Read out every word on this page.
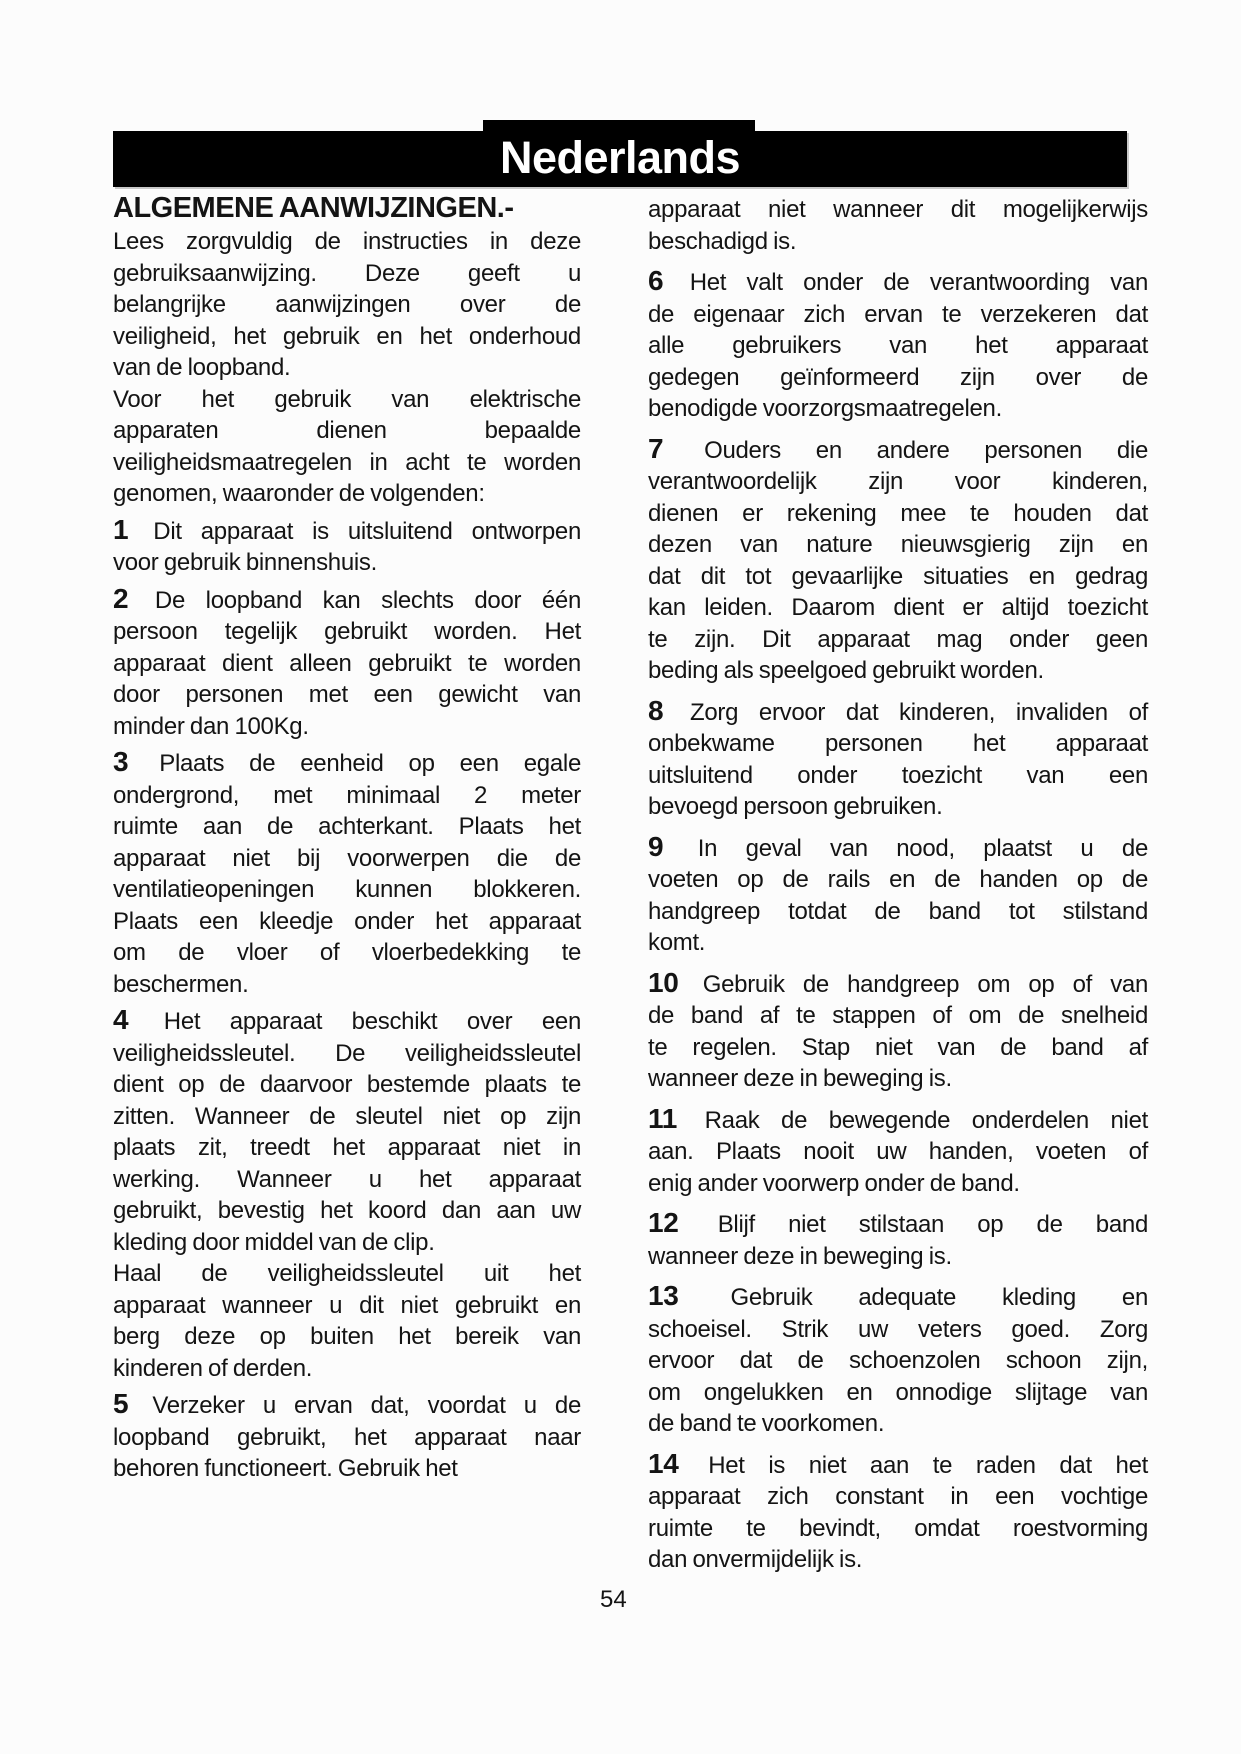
Nederlands
ALGEMENE AANWIJZINGEN.-
Lees zorgvuldig de instructies in deze
gebruiksaanwijzing. Deze geeft u
belangrijke aanwijzingen over de
veiligheid, het gebruik en het onderhoud
van de loopband.
Voor het gebruik van elektrische
apparaten dienen bepaalde
veiligheidsmaatregelen in acht te worden
genomen, waaronder de volgenden:
1 Dit apparaat is uitsluitend ontworpen
voor gebruik binnenshuis.
2 De loopband kan slechts door één
persoon tegelijk gebruikt worden. Het
apparaat dient alleen gebruikt te worden
door personen met een gewicht van
minder dan 100Kg.
3 Plaats de eenheid op een egale
ondergrond, met minimaal 2 meter
ruimte aan de achterkant. Plaats het
apparaat niet bij voorwerpen die de
ventilatieopeningen kunnen blokkeren.
Plaats een kleedje onder het apparaat
om de vloer of vloerbedekking te
beschermen.
4 Het apparaat beschikt over een
veiligheidssleutel. De veiligheidssleutel
dient op de daarvoor bestemde plaats te
zitten. Wanneer de sleutel niet op zijn
plaats zit, treedt het apparaat niet in
werking. Wanneer u het apparaat
gebruikt, bevestig het koord dan aan uw
kleding door middel van de clip.
Haal de veiligheidssleutel uit het
apparaat wanneer u dit niet gebruikt en
berg deze op buiten het bereik van
kinderen of derden.
5 Verzeker u ervan dat, voordat u de
loopband gebruikt, het apparaat naar
behoren functioneert. Gebruik het
apparaat niet wanneer dit mogelijkerwijs
beschadigd is.
6 Het valt onder de verantwoording van
de eigenaar zich ervan te verzekeren dat
alle gebruikers van het apparaat
gedegen geïnformeerd zijn over de
benodigde voorzorgsmaatregelen.
7 Ouders en andere personen die
verantwoordelijk zijn voor kinderen,
dienen er rekening mee te houden dat
dezen van nature nieuwsgierig zijn en
dat dit tot gevaarlijke situaties en gedrag
kan leiden. Daarom dient er altijd toezicht
te zijn. Dit apparaat mag onder geen
beding als speelgoed gebruikt worden.
8 Zorg ervoor dat kinderen, invaliden of
onbekwame personen het apparaat
uitsluitend onder toezicht van een
bevoegd persoon gebruiken.
9 In geval van nood, plaatst u de
voeten op de rails en de handen op de
handgreep totdat de band tot stilstand
komt.
10 Gebruik de handgreep om op of van
de band af te stappen of om de snelheid
te regelen. Stap niet van de band af
wanneer deze in beweging is.
11 Raak de bewegende onderdelen niet
aan. Plaats nooit uw handen, voeten of
enig ander voorwerp onder de band.
12 Blijf niet stilstaan op de band
wanneer deze in beweging is.
13 Gebruik adequate kleding en
schoeisel. Strik uw veters goed. Zorg
ervoor dat de schoenzolen schoon zijn,
om ongelukken en onnodige slijtage van
de band te voorkomen.
14 Het is niet aan te raden dat het
apparaat zich constant in een vochtige
ruimte te bevindt, omdat roestvorming
dan onvermijdelijk is.
54
